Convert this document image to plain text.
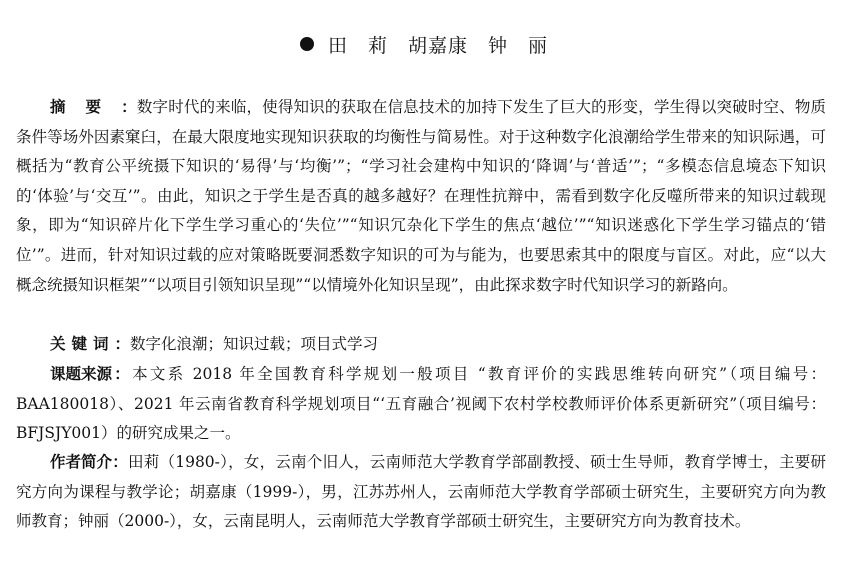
田　莉　胡嘉康　钟　丽
摘要：数字时代的来临，使得知识的获取在信息技术的加持下发生了巨大的形变，学生得以突破时空、物质条件等场外因素窠臼，在最大限度地实现知识获取的均衡性与简易性。对于这种数字化浪潮给学生带来的知识际遇，可概括为“教育公平统摄下知识的‘易得’与‘均衡’”；“学习社会建构中知识的‘降调’与‘普适’”；“多模态信息境态下知识的‘体验’与‘交互’”。由此，知识之于学生是否真的越多越好？在理性抗辩中，需看到数字化反噬所带来的知识过载现象，即为“知识碎片化下学生学习重心的‘失位’”“知识冗杂化下学生的焦点‘越位’”“知识迷惑化下学生学习锚点的‘错位’”。进而，针对知识过载的应对策略既要洞悉数字知识的可为与能为，也要思索其中的限度与盲区。对此，应“以大概念统摄知识框架”“以项目引领知识呈现”“以情境外化知识呈现”，由此探求数字时代知识学习的新路向。
关键词：数字化浪潮；知识过载；项目式学习
课题来源：本文系 2018 年全国教育科学规划一般项目 “教育评价的实践思维转向研究”（项目编号：BAA180018）、2021 年云南省教育科学规划项目“‘五育融合’视阈下农村学校教师评价体系更新研究”（项目编号：BFJSJY001）的研究成果之一。
作者简介：田莉（1980-），女，云南个旧人，云南师范大学教育学部副教授、硕士生导师，教育学博士，主要研究方向为课程与教学论；胡嘉康（1999-），男，江苏苏州人，云南师范大学教育学部硕士研究生，主要研究方向为教师教育；钟丽（2000-），女，云南昆明人，云南师范大学教育学部硕士研究生，主要研究方向为教育技术。
